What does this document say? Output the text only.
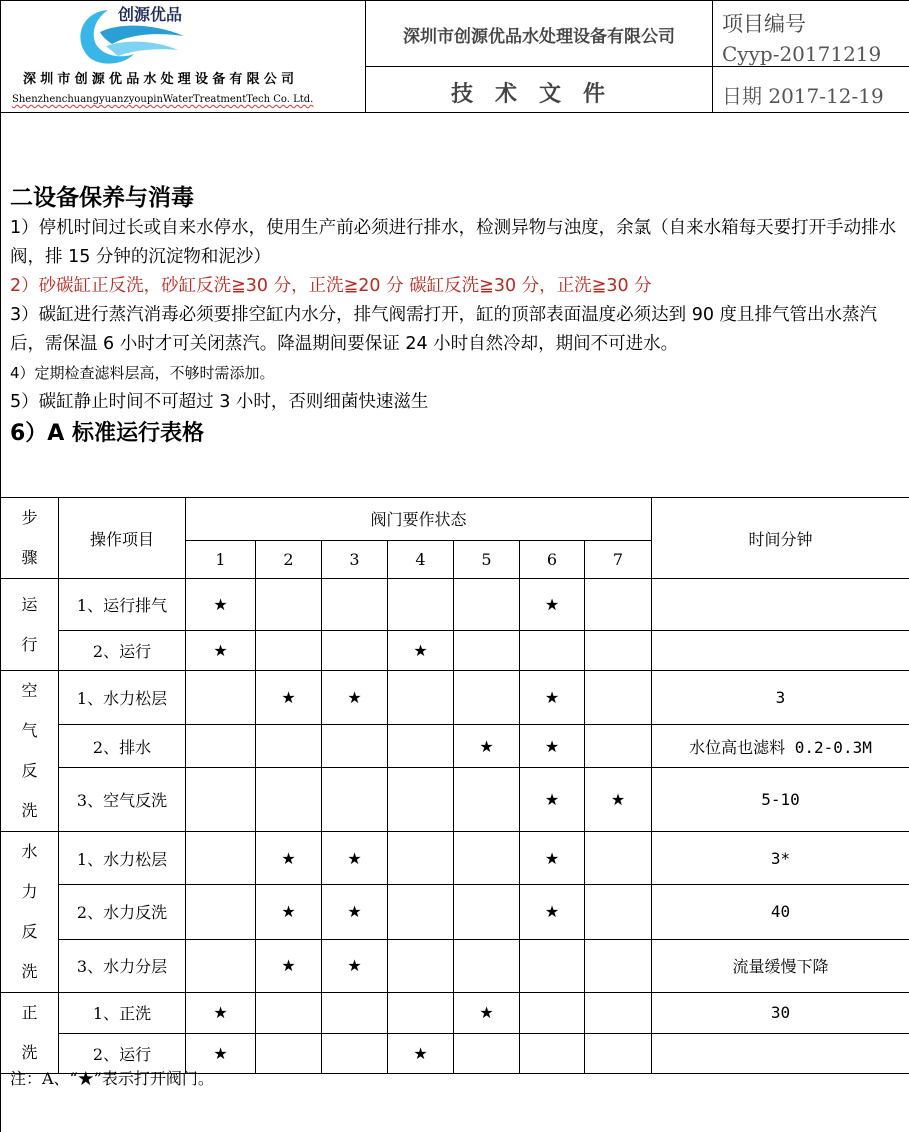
创源优品
深圳市创源优品水处理设备有限公司
ShenzhenchuangyuanzyoupinWaterTreatmentTech Co. Ltd.
深圳市创源优品水处理设备有限公司
技术文件
项目编号
Cyyp-20171219
日期 2017-12-19

二设备保养与消毒

1）停机时间过长或自来水停水，使用生产前必须进行排水，检测异物与浊度，余氯（自来水箱每天要打开手动排水阀，排 15 分钟的沉淀物和泥沙）

2）砂碳缸正反洗，砂缸反洗≧30 分，正洗≧20 分 碳缸反洗≧30 分，正洗≧30 分

3）碳缸进行蒸汽消毒必须要排空缸内水分，排气阀需打开，缸的顶部表面温度必须达到 90 度且排气管出水蒸汽后，需保温 6 小时才可关闭蒸汽。降温期间要保证 24 小时自然冷却，期间不可进水。

4）定期检查滤料层高，不够时需添加。

5）碳缸静止时间不可超过 3 小时，否则细菌快速滋生

6）A 标准运行表格

步
骤	操作项目	阀门要作状态							时间分钟
		1	2	3	4	5	6	7	
运
行	1、运行排气	★					★		
	2、运行	★			★				
空
气
反
洗	1、水力松层		★	★			★		3
	2、排水					★	★		水位高也滤料 0.2-0.3M
	3、空气反洗						★	★	5-10
水
力
反
洗	1、水力松层		★	★			★		3*
	2、水力反洗		★	★			★		40
	3、水力分层		★	★					流量缓慢下降
正
洗	1、正洗	★				★			30
	2、运行	★			★				
注：A、“★”表示打开阀门。
